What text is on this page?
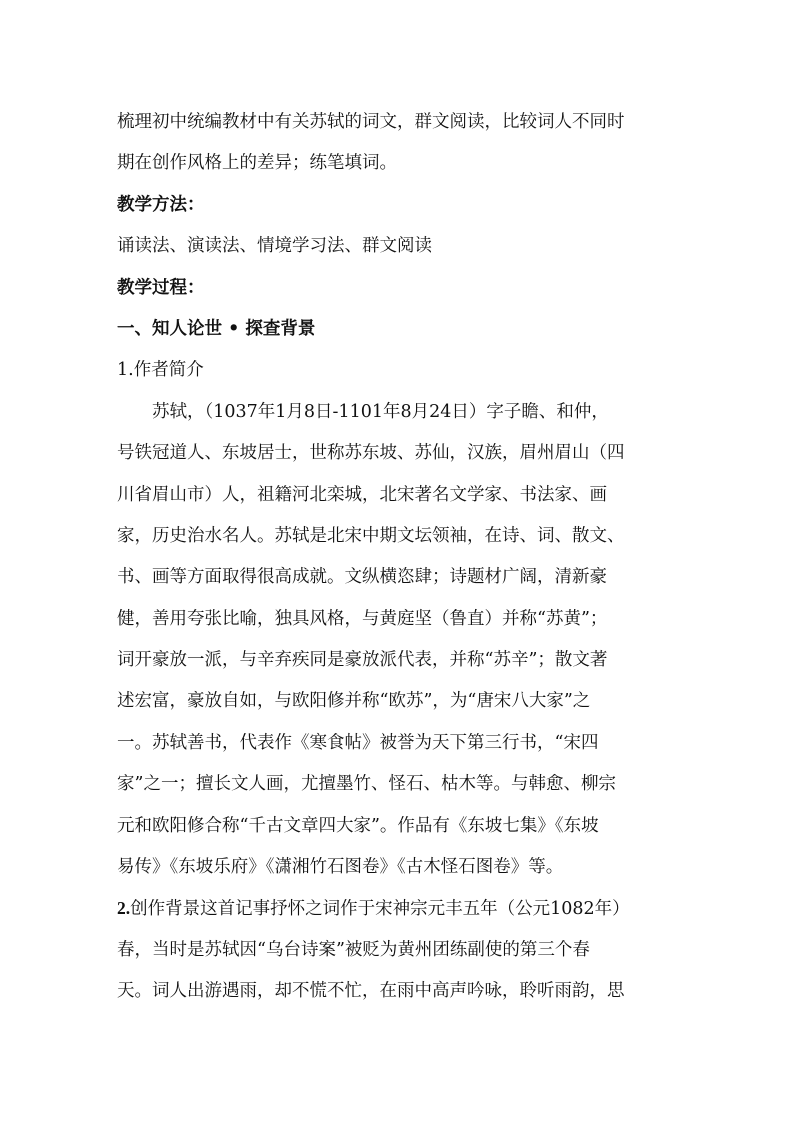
梳理初中统编教材中有关苏轼的词文，群文阅读，比较词人不同时

期在创作风格上的差异；练笔填词。

教学方法：

诵读法、演读法、情境学习法、群文阅读

教学过程：

一、知人论世 • 探查背景

1.作者简介

苏轼，（1037年1月8日-1101年8月24日）字子瞻、和仲，

号铁冠道人、东坡居士，世称苏东坡、苏仙，汉族，眉州眉山（四

川省眉山市）人，祖籍河北栾城，北宋著名文学家、书法家、画

家，历史治水名人。苏轼是北宋中期文坛领袖，在诗、词、散文、

书、画等方面取得很高成就。文纵横恣肆；诗题材广阔，清新豪

健，善用夸张比喻，独具风格，与黄庭坚（鲁直）并称“苏黄”；

词开豪放一派，与辛弃疾同是豪放派代表，并称“苏辛”；散文著

述宏富，豪放自如，与欧阳修并称“欧苏”，为“唐宋八大家”之

一。苏轼善书，代表作《寒食帖》被誉为天下第三行书，“宋四

家”之一；擅长文人画，尤擅墨竹、怪石、枯木等。与韩愈、柳宗

元和欧阳修合称“千古文章四大家”。作品有《东坡七集》《东坡

易传》《东坡乐府》《潇湘竹石图卷》《古木怪石图卷》等。

2.创作背景这首记事抒怀之词作于宋神宗元丰五年（公元1082年）

春，当时是苏轼因“乌台诗案”被贬为黄州团练副使的第三个春

天。词人出游遇雨，却不慌不忙，在雨中高声吟咏，聆听雨韵，思
